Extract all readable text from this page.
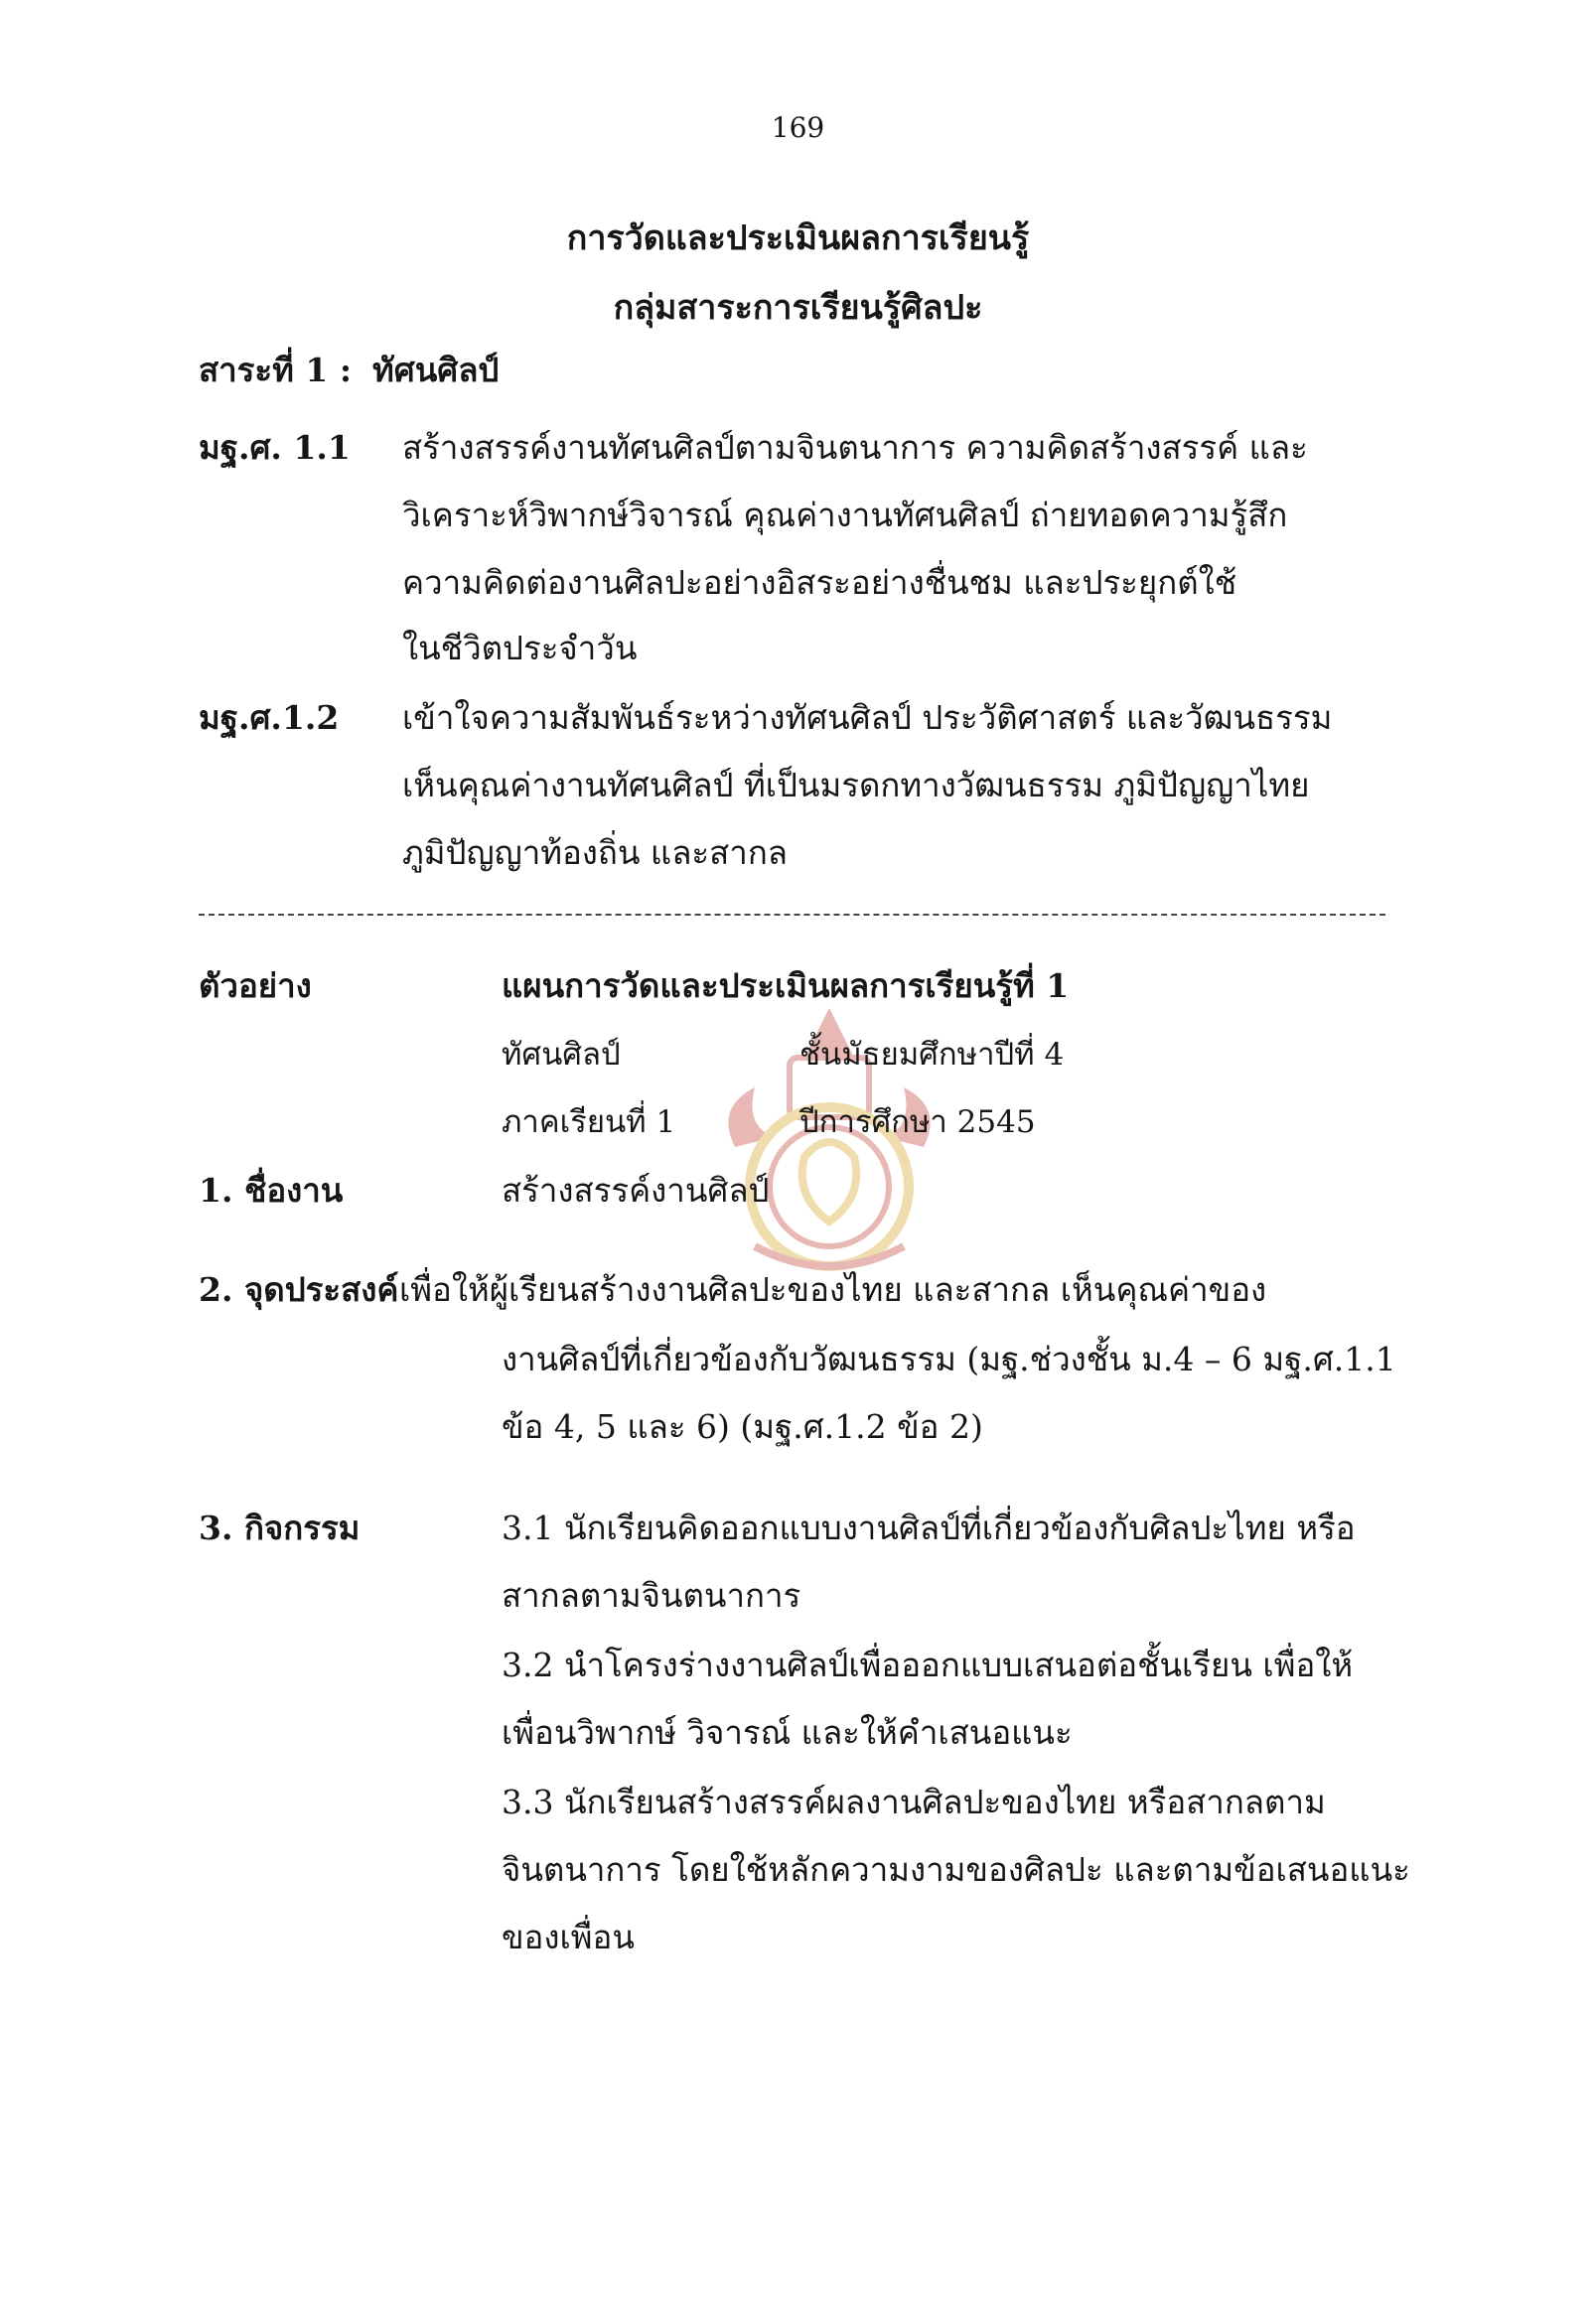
169
การวัดและประเมินผลการเรียนรู้
กลุ่มสาระการเรียนรู้ศิลปะ
สาระที่ 1 : ทัศนศิลป์
มฐ.ศ. 1.1 สร้างสรรค์งานทัศนศิลป์ตามจินตนาการ ความคิดสร้างสรรค์ และ
วิเคราะห์วิพากษ์วิจารณ์ คุณค่างานทัศนศิลป์ ถ่ายทอดความรู้สึก
ความคิดต่องานศิลปะอย่างอิสระอย่างชื่นชม และประยุกต์ใช้
ในชีวิตประจำวัน
มฐ.ศ.1.2 เข้าใจความสัมพันธ์ระหว่างทัศนศิลป์ ประวัติศาสตร์ และวัฒนธรรม
เห็นคุณค่างานทัศนศิลป์ ที่เป็นมรดกทางวัฒนธรรม ภูมิปัญญาไทย
ภูมิปัญญาท้องถิ่น และสากล
ตัวอย่าง	แผนการวัดและประเมินผลการเรียนรู้ที่ 1
ทัศนศิลป์	ชั้นมัธยมศึกษาปีที่ 4
ภาคเรียนที่ 1	ปีการศึกษา 2545
1. ชื่องาน	สร้างสรรค์งานศิลป์
2. จุดประสงค์ เพื่อให้ผู้เรียนสร้างงานศิลปะของไทย และสากล เห็นคุณค่าของ
งานศิลป์ที่เกี่ยวข้องกับวัฒนธรรม (มฐ.ช่วงชั้น ม.4 – 6 มฐ.ศ.1.1
ข้อ 4, 5 และ 6) (มฐ.ศ.1.2 ข้อ 2)
3. กิจกรรม	3.1 นักเรียนคิดออกแบบงานศิลป์ที่เกี่ยวข้องกับศิลปะไทย หรือ
สากลตามจินตนาการ
3.2 นำโครงร่างงานศิลป์เพื่อออกแบบเสนอต่อชั้นเรียน เพื่อให้
เพื่อนวิพากษ์ วิจารณ์ และให้คำเสนอแนะ
3.3 นักเรียนสร้างสรรค์ผลงานศิลปะของไทย หรือสากลตาม
จินตนาการ โดยใช้หลักความงามของศิลปะ และตามข้อเสนอแนะ
ของเพื่อน
